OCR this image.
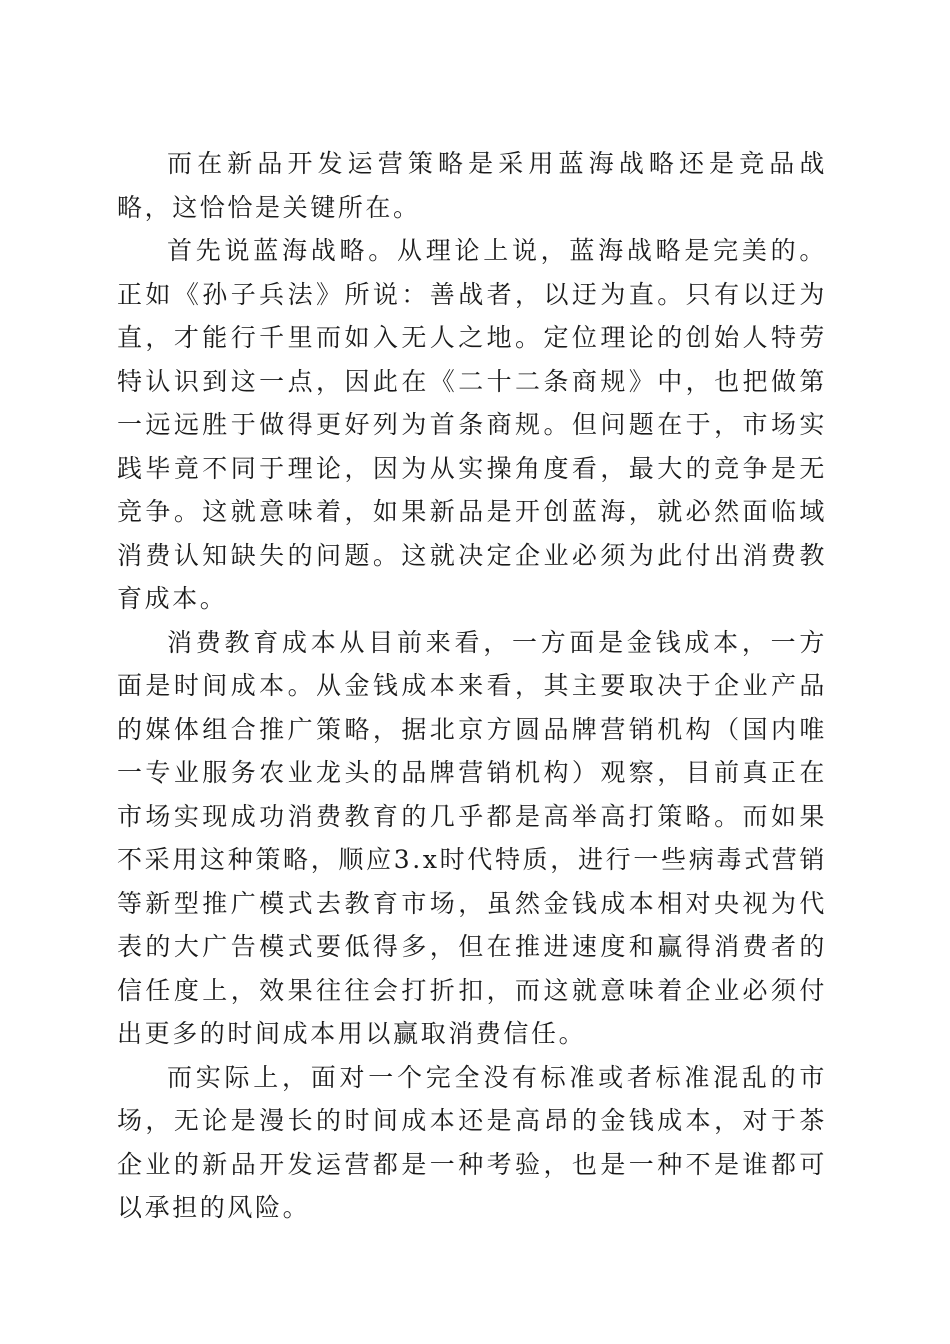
而在新品开发运营策略是采用蓝海战略还是竞品战略，这恰恰是关键所在。

首先说蓝海战略。从理论上说，蓝海战略是完美的。正如《孙子兵法》所说：善战者，以迂为直。只有以迂为直，才能行千里而如入无人之地。定位理论的创始人特劳特认识到这一点，因此在《二十二条商规》中，也把做第一远远胜于做得更好列为首条商规。但问题在于，市场实践毕竟不同于理论，因为从实操角度看，最大的竞争是无竞争。这就意味着，如果新品是开创蓝海，就必然面临域消费认知缺失的问题。这就决定企业必须为此付出消费教育成本。

消费教育成本从目前来看，一方面是金钱成本，一方面是时间成本。从金钱成本来看，其主要取决于企业产品的媒体组合推广策略，据北京方圆品牌营销机构（国内唯一专业服务农业龙头的品牌营销机构）观察，目前真正在市场实现成功消费教育的几乎都是高举高打策略。而如果不采用这种策略，顺应3.x时代特质，进行一些病毒式营销等新型推广模式去教育市场，虽然金钱成本相对央视为代表的大广告模式要低得多，但在推进速度和赢得消费者的信任度上，效果往往会打折扣，而这就意味着企业必须付出更多的时间成本用以赢取消费信任。

而实际上，面对一个完全没有标准或者标准混乱的市场，无论是漫长的时间成本还是高昂的金钱成本，对于茶企业的新品开发运营都是一种考验，也是一种不是谁都可以承担的风险。
